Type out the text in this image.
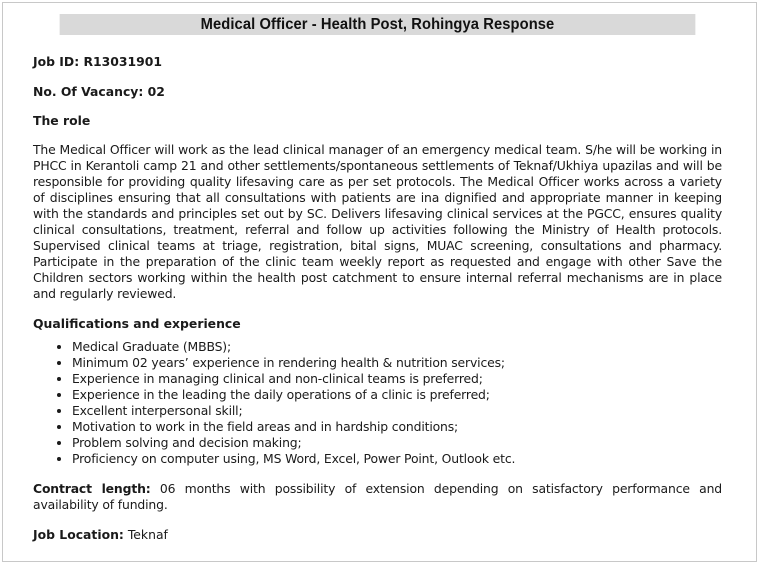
Medical Officer - Health Post, Rohingya Response

Job ID: R13031901

No. Of Vacancy: 02

The role

The Medical Officer will work as the lead clinical manager of an emergency medical team. S/he will be working in PHCC in Kerantoli camp 21 and other settlements/spontaneous settlements of Teknaf/Ukhiya upazilas and will be responsible for providing quality lifesaving care as per set protocols. The Medical Officer works across a variety of disciplines ensuring that all consultations with patients are ina dignified and appropriate manner in keeping with the standards and principles set out by SC. Delivers lifesaving clinical services at the PGCC, ensures quality clinical consultations, treatment, referral and follow up activities following the Ministry of Health protocols. Supervised clinical teams at triage, registration, bital signs, MUAC screening, consultations and pharmacy. Participate in the preparation of the clinic team weekly report as requested and engage with other Save the Children sectors working within the health post catchment to ensure internal referral mechanisms are in place and regularly reviewed.

Qualifications and experience

• Medical Graduate (MBBS);
• Minimum 02 years’ experience in rendering health & nutrition services;
• Experience in managing clinical and non-clinical teams is preferred;
• Experience in the leading the daily operations of a clinic is preferred;
• Excellent interpersonal skill;
• Motivation to work in the field areas and in hardship conditions;
• Problem solving and decision making;
• Proficiency on computer using, MS Word, Excel, Power Point, Outlook etc.

Contract length: 06 months with possibility of extension depending on satisfactory performance and availability of funding.

Job Location: Teknaf
